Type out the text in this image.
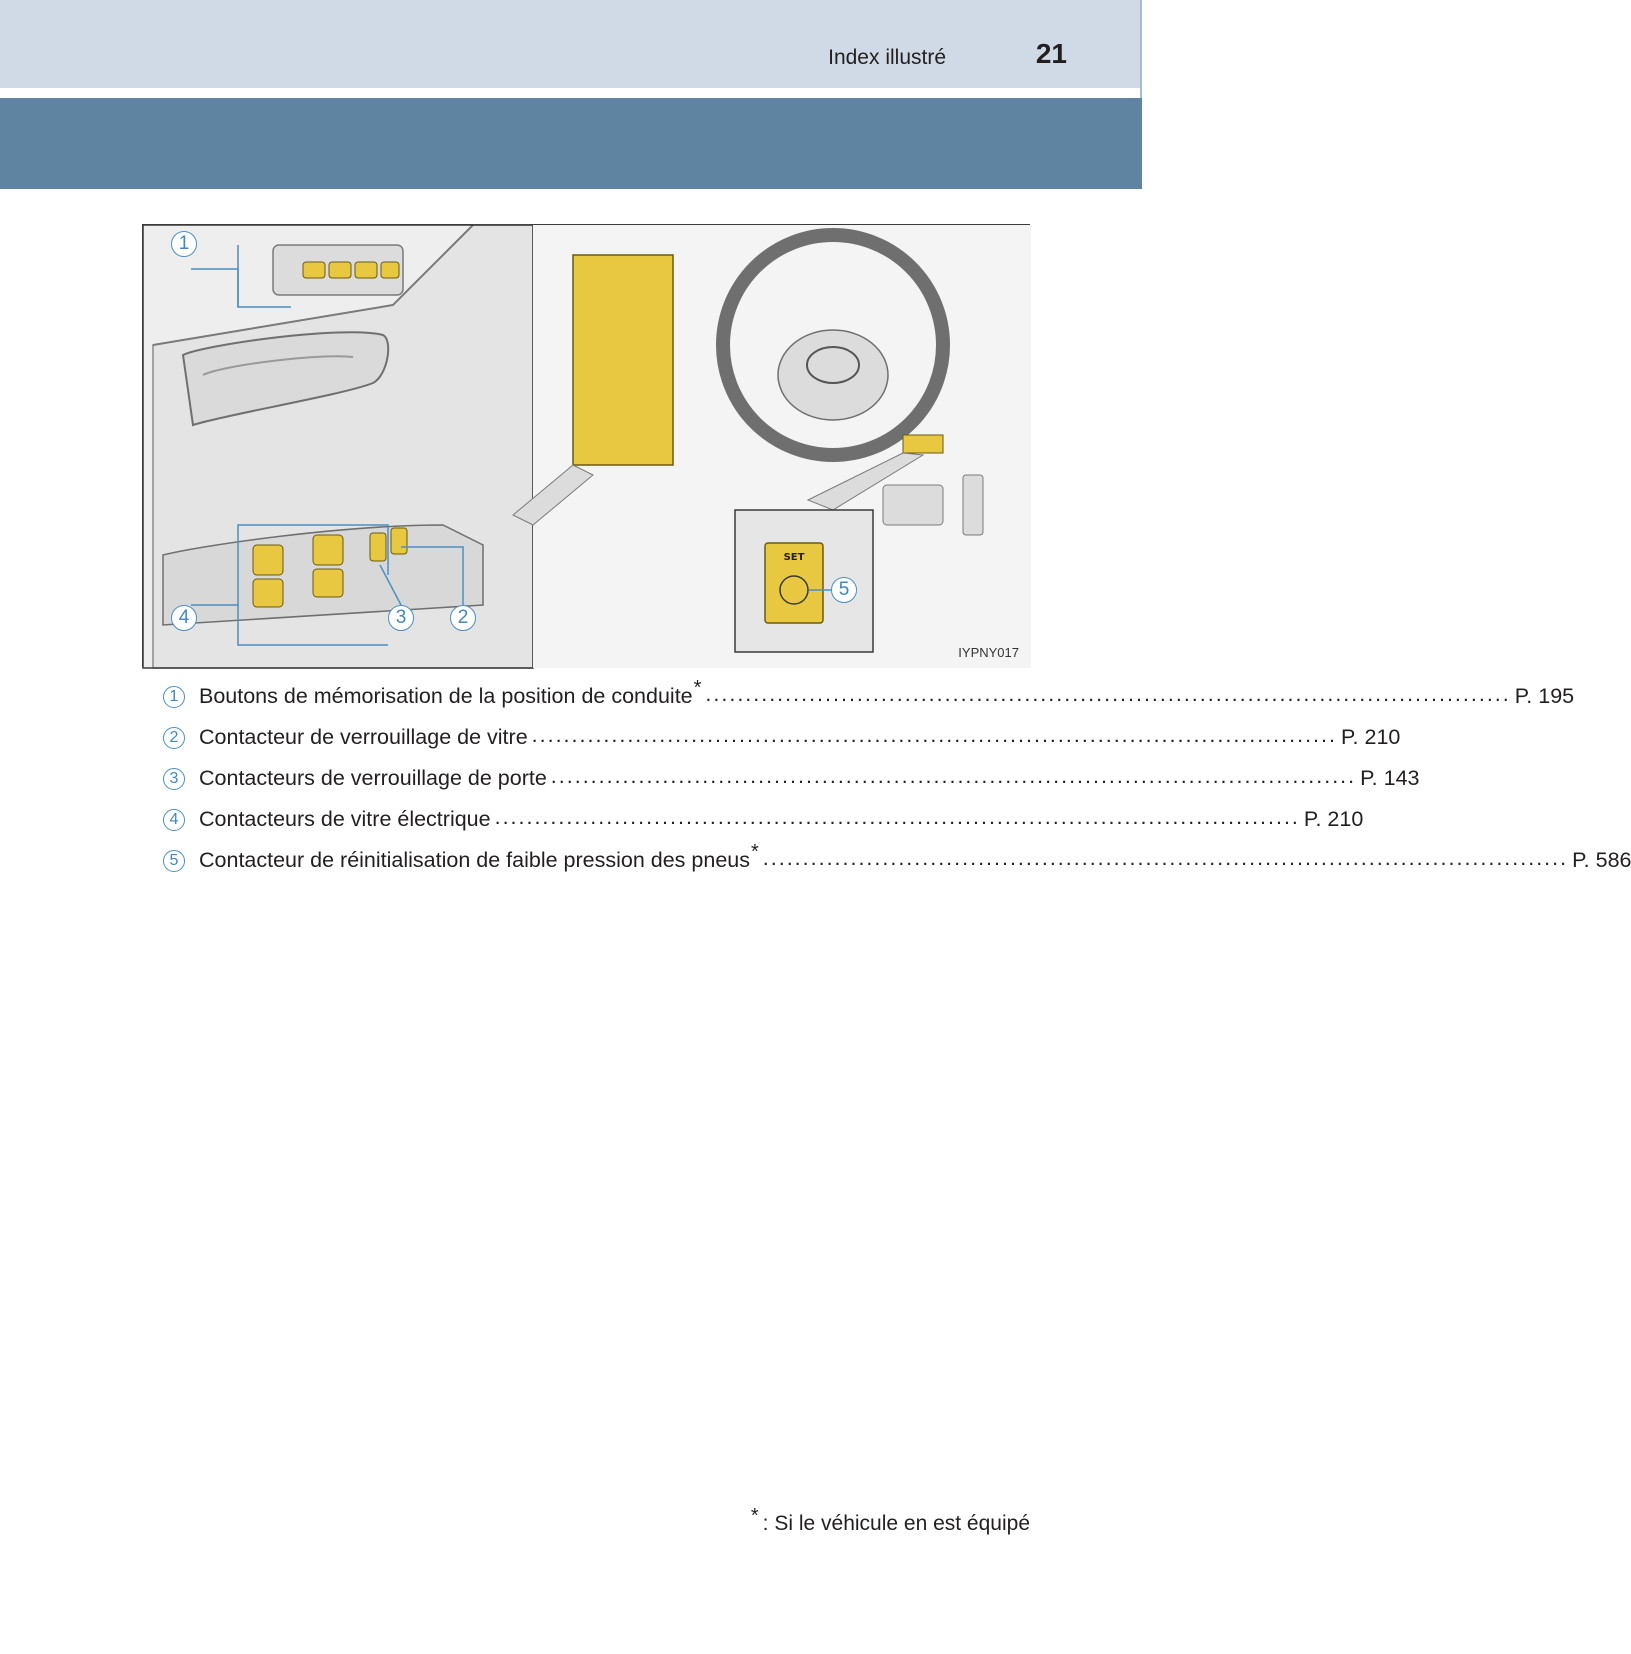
Index illustré	21
SET
1
2
3
4
5
IYPNY017
1 Boutons de mémorisation de la position de conduite * ..................................................................................................... P. 195
2 Contacteur de verrouillage de vitre ..................................................................................................... P. 210
3 Contacteurs de verrouillage de porte ..................................................................................................... P. 143
4 Contacteurs de vitre électrique ..................................................................................................... P. 210
5 Contacteur de réinitialisation de faible pression des pneus * ..................................................................................................... P. 586
* : Si le véhicule en est équipé
